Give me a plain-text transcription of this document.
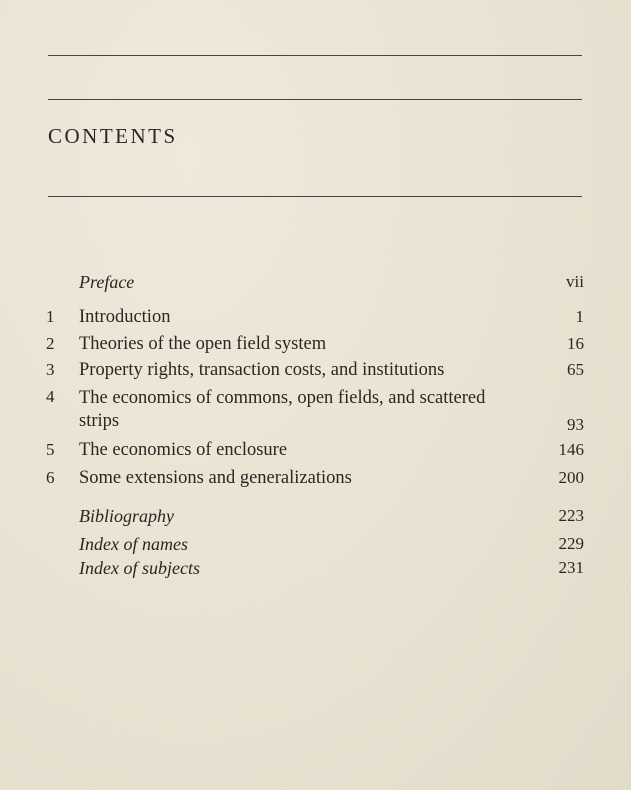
CONTENTS
Preface	vii
1	Introduction	1
2	Theories of the open field system	16
3	Property rights, transaction costs, and institutions	65
4	The economics of commons, open fields, and scattered strips	93
5	The economics of enclosure	146
6	Some extensions and generalizations	200
Bibliography	223
Index of names	229
Index of subjects	231
